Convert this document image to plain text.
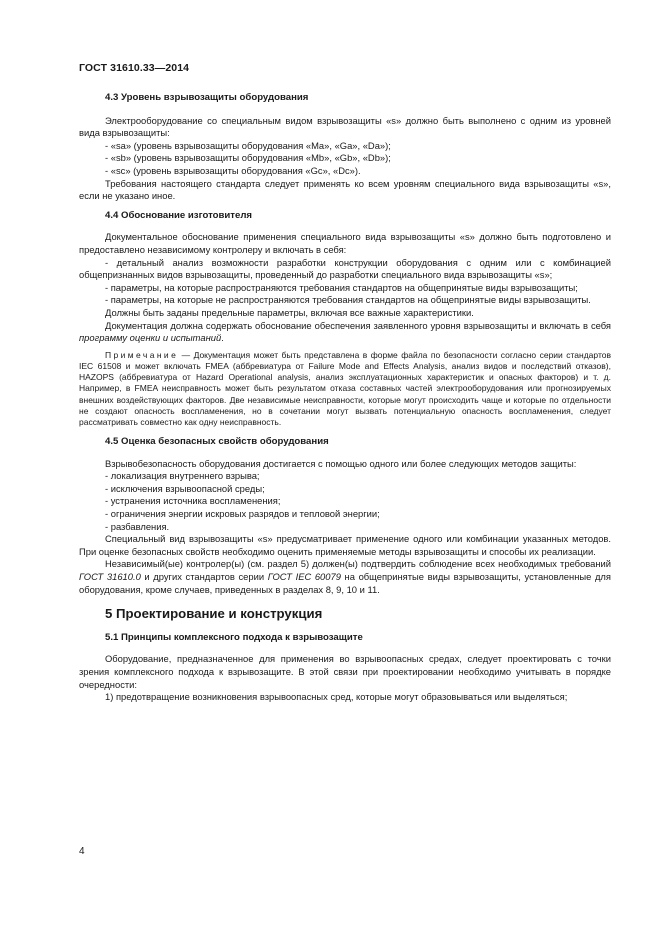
ГОСТ 31610.33—2014

4.3 Уровень взрывозащиты оборудования

Электрооборудование со специальным видом взрывозащиты «s» должно быть выполнено с одним из уровней вида взрывозащиты:

- «sa» (уровень взрывозащиты оборудования «Ma», «Ga», «Da»);

- «sb» (уровень взрывозащиты оборудования «Mb», «Gb», «Db»);

- «sc» (уровень взрывозащиты оборудования «Gc», «Dc»).

Требования настоящего стандарта следует применять ко всем уровням специального вида взрывозащиты «s», если не указано иное.

4.4 Обоснование изготовителя

Документальное обоснование применения специального вида взрывозащиты «s» должно быть подготовлено и предоставлено независимому контролеру и включать в себя:

- детальный анализ возможности разработки конструкции оборудования с одним или с комбинацией общепризнанных видов взрывозащиты, проведенный до разработки специального вида взрывозащиты «s»;

- параметры, на которые распространяются требования стандартов на общепринятые виды взрывозащиты;

- параметры, на которые не распространяются требования стандартов на общепринятые виды взрывозащиты.

Должны быть заданы предельные параметры, включая все важные характеристики.

Документация должна содержать обоснование обеспечения заявленного уровня взрывозащиты и включать в себя программу оценки и испытаний.

Примечание — Документация может быть представлена в форме файла по безопасности согласно серии стандартов IEC 61508 и может включать FMEA (аббревиатура от Failure Mode and Effects Analysis, анализ видов и последствий отказов), HAZOPS (аббревиатура от Hazard Operational analysis, анализ эксплуатационных характеристик и опасных факторов) и т. д. Например, в FMEA неисправность может быть результатом отказа составных частей электрооборудования или прогнозируемых внешних воздействующих факторов. Две независимые неисправности, которые могут происходить чаще и которые по отдельности не создают опасность воспламенения, но в сочетании могут вызвать потенциальную опасность воспламенения, следует рассматривать совместно как одну неисправность.

4.5 Оценка безопасных свойств оборудования

Взрывобезопасность оборудования достигается с помощью одного или более следующих методов защиты:

- локализация внутреннего взрыва;

- исключения взрывоопасной среды;

- устранения источника воспламенения;

- ограничения энергии искровых разрядов и тепловой энергии;

- разбавления.

Специальный вид взрывозащиты «s» предусматривает применение одного или комбинации указанных методов. При оценке безопасных свойств необходимо оценить применяемые методы взрывозащиты и способы их реализации.

Независимый(ые) контролер(ы) (см. раздел 5) должен(ы) подтвердить соблюдение всех необходимых требований ГОСТ 31610.0 и других стандартов серии ГОСТ IEC 60079 на общепринятые виды взрывозащиты, установленные для оборудования, кроме случаев, приведенных в разделах 8, 9, 10 и 11.

5 Проектирование и конструкция

5.1 Принципы комплексного подхода к взрывозащите

Оборудование, предназначенное для применения во взрывоопасных средах, следует проектировать с точки зрения комплексного подхода к взрывозащите. В этой связи при проектировании необходимо учитывать в порядке очередности:

1) предотвращение возникновения взрывоопасных сред, которые могут образовываться или выделяться;

4
